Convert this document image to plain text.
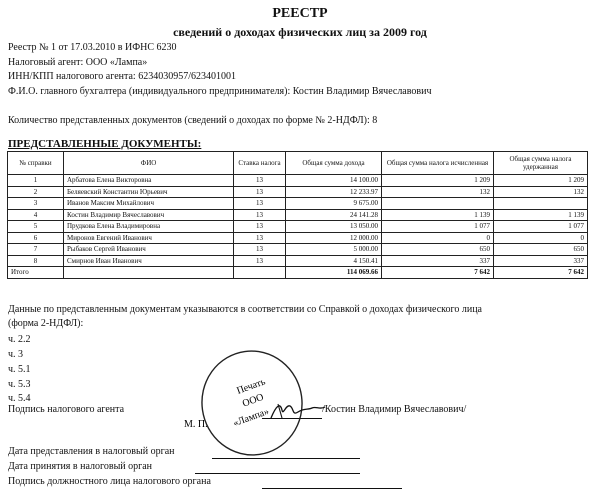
РЕЕСТР
сведений о доходах физических лиц за 2009 год
Реестр № 1 от 17.03.2010 в ИФНС 6230
Налоговый агент: ООО «Лампа»
ИНН/КПП налогового агента: 6234030957/623401001
Ф.И.О. главного бухгалтера (индивидуального предпринимателя): Костин Владимир Вячеславович
Количество представленных документов (сведений о доходах по форме № 2-НДФЛ): 8
ПРЕДСТАВЛЕННЫЕ ДОКУМЕНТЫ:
№ справки	ФИО	Ставка налога	Общая сумма дохода	Общая сумма налога исчисленная	Общая сумма налога удержанная
1	Арбатова Елена Викторовна	13	14 100.00	1 209	1 209
2	Беляевский Константин Юрьевич	13	12 233.97	132	132
3	Иванов Максим Михайлович	13	9 675.00		
4	Костин Владимир Вячеславович	13	24 141.28	1 139	1 139
5	Прудкова Елена Владимировна	13	13 050.00	1 077	1 077
6	Миронов Евгений Иванович	13	12 000.00	0	0
7	Рыбаков Сергей Иванович	13	5 000.00	650	650
8	Смирнов Иван Иванович	13	4 150.41	337	337
Итого			114 069.66	7 642	7 642
Данные по представленным документам указываются в соответствии со Справкой о доходах физического лица
(форма 2-НДФЛ):
ч. 2.2
ч. 3
ч. 5.1
ч. 5.3
ч. 5.4
Подпись налогового агента	/Костин Владимир Вячеславович/
Дата представления в налоговый орган
Дата принятия в налоговый орган
Подпись должностного лица налогового органа
Печать
ООО
«Лампа»
М. П.
